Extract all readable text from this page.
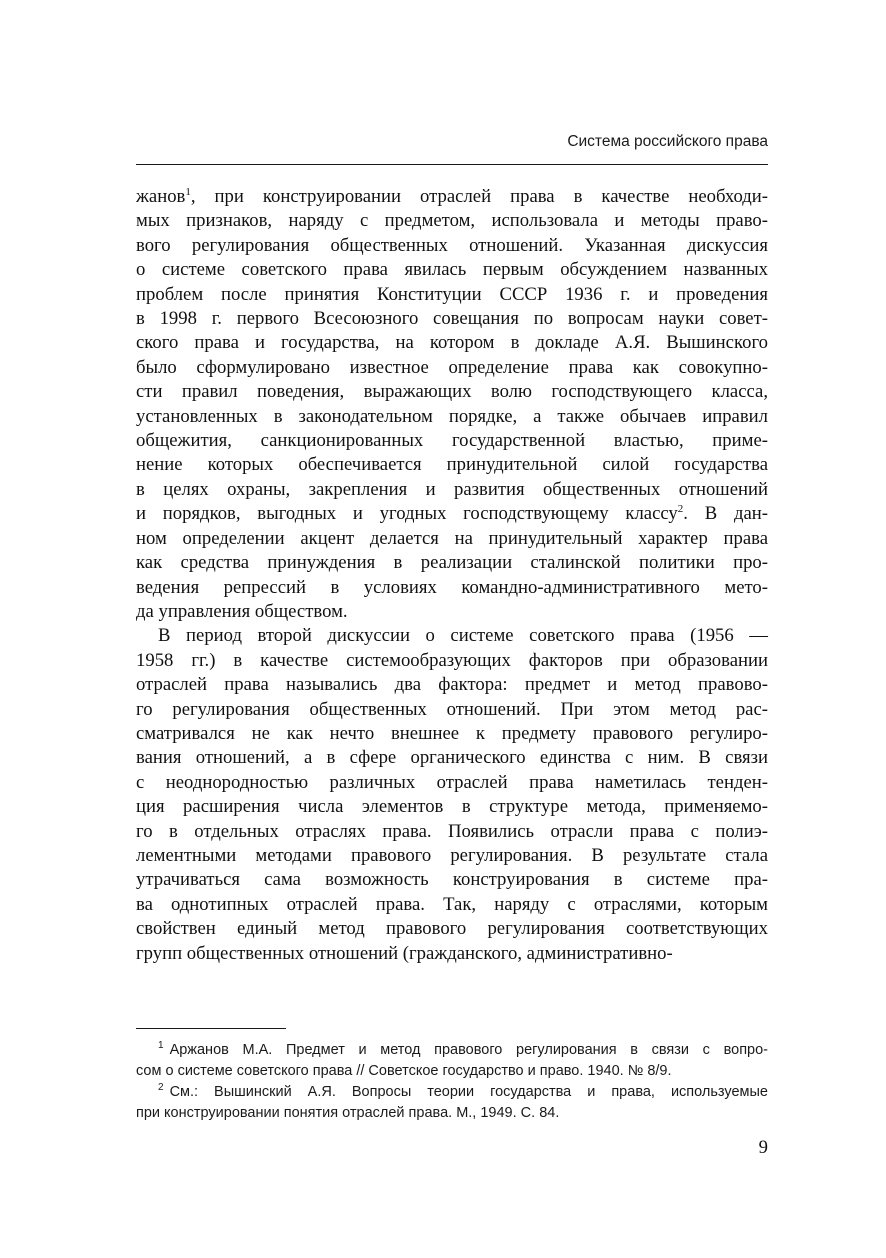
Система российского права

жанов$^1$, при конструировании отраслей права в качестве необходи-
мых признаков, наряду с предметом, использовала и методы право-
вого регулирования общественных отношений. Указанная дискуссия
о системе советского права явилась первым обсуждением названных
проблем после принятия Конституции СССР 1936 г. и проведения
в 1998 г. первого Всесоюзного совещания по вопросам науки совет-
ского права и государства, на котором в докладе А.Я. Вышинского
было сформулировано известное определение права как совокупно-
сти правил поведения, выражающих волю господствующего класса,
установленных в законодательном порядке, а также обычаев иправил
общежития, санкционированных государственной властью, приме-
нение которых обеспечивается принудительной силой государства
в целях охраны, закрепления и развития общественных отношений
и порядков, выгодных и угодных господствующему классу$^2$. В дан-
ном определении акцент делается на принудительный характер права
как средства принуждения в реализации сталинской политики про-
ведения репрессий в условиях командно-административного мето-
да управления обществом.

В период второй дискуссии о системе советского права (1956 —
1958 гг.) в качестве системообразующих факторов при образовании
отраслей права назывались два фактора: предмет и метод правово-
го регулирования общественных отношений. При этом метод рас-
сматривался не как нечто внешнее к предмету правового регулиро-
вания отношений, а в сфере органического единства с ним. В связи
с неоднородностью различных отраслей права наметилась тенден-
ция расширения числа элементов в структуре метода, применяемо-
го в отдельных отраслях права. Появились отрасли права с полиэ-
лементными методами правового регулирования. В результате стала
утрачиваться сама возможность конструирования в системе пра-
ва однотипных отраслей права. Так, наряду с отраслями, которым
свойствен единый метод правового регулирования соответствующих
групп общественных отношений (гражданского, административно-

$^1$ Аржанов М.А. Предмет и метод правового регулирования в связи с вопро-
сом о системе советского права // Советское государство и право. 1940. № 8/9.

$^2$ См.: Вышинский А.Я. Вопросы теории государства и права, используемые
при конструировании понятия отраслей права. М., 1949. С. 84.

9
